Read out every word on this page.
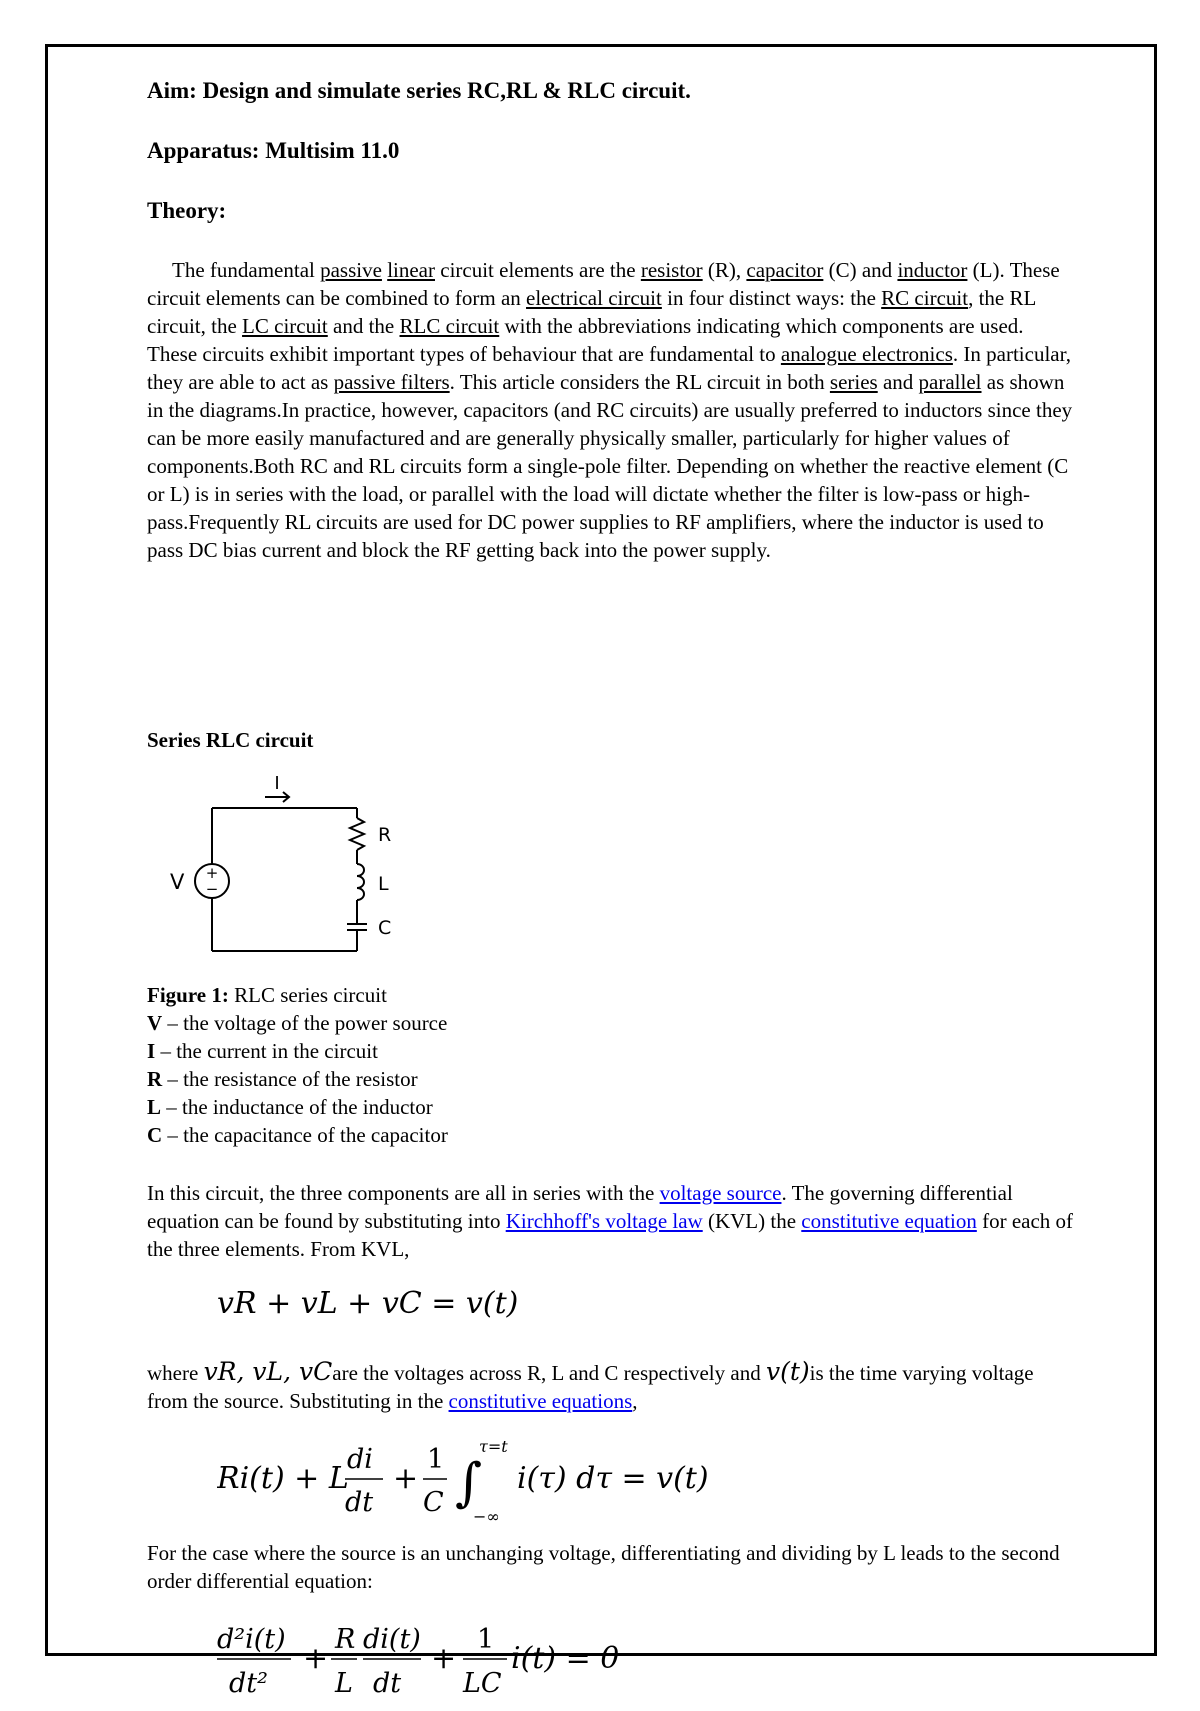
Aim: Design and simulate series RC,RL & RLC circuit.
Apparatus: Multisim 11.0
Theory:

The fundamental passive linear circuit elements are the resistor (R), capacitor (C) and inductor (L). These circuit elements can be combined to form an electrical circuit in four distinct ways: the RC circuit, the RL circuit, the LC circuit and the RLC circuit with the abbreviations indicating which components are used. These circuits exhibit important types of behaviour that are fundamental to analogue electronics. In particular, they are able to act as passive filters. This article considers the RL circuit in both series and parallel as shown in the diagrams.In practice, however, capacitors (and RC circuits) are usually preferred to inductors since they can be more easily manufactured and are generally physically smaller, particularly for higher values of components.Both RC and RL circuits form a single-pole filter. Depending on whether the reactive element (C or L) is in series with the load, or parallel with the load will dictate whether the filter is low-pass or high-pass.Frequently RL circuits are used for DC power supplies to RF amplifiers, where the inductor is used to pass DC bias current and block the RF getting back into the power supply.

Series RLC circuit
I
V +
−
R
L
C
Figure 1: RLC series circuit
V – the voltage of the power source
I – the current in the circuit
R – the resistance of the resistor
L – the inductance of the inductor
C – the capacitance of the capacitor

In this circuit, the three components are all in series with the voltage source. The governing differential equation can be found by substituting into Kirchhoff's voltage law (KVL) the constitutive equation for each of the three elements. From KVL,

vR + vL + vC = v(t)

where vR, vL, vCare the voltages across R, L and C respectively and v(t)is the time varying voltage from the source. Substituting in the constitutive equations,

Ri(t) + L
di
dt
+
1
C ∫
τ=t
−∞
i(τ) dτ = v(t)

For the case where the source is an unchanging voltage, differentiating and dividing by L leads to the second order differential equation:

d²i(t)
dt²
+
R
L
di(t)
dt
+
1
LC
i(t) = 0
